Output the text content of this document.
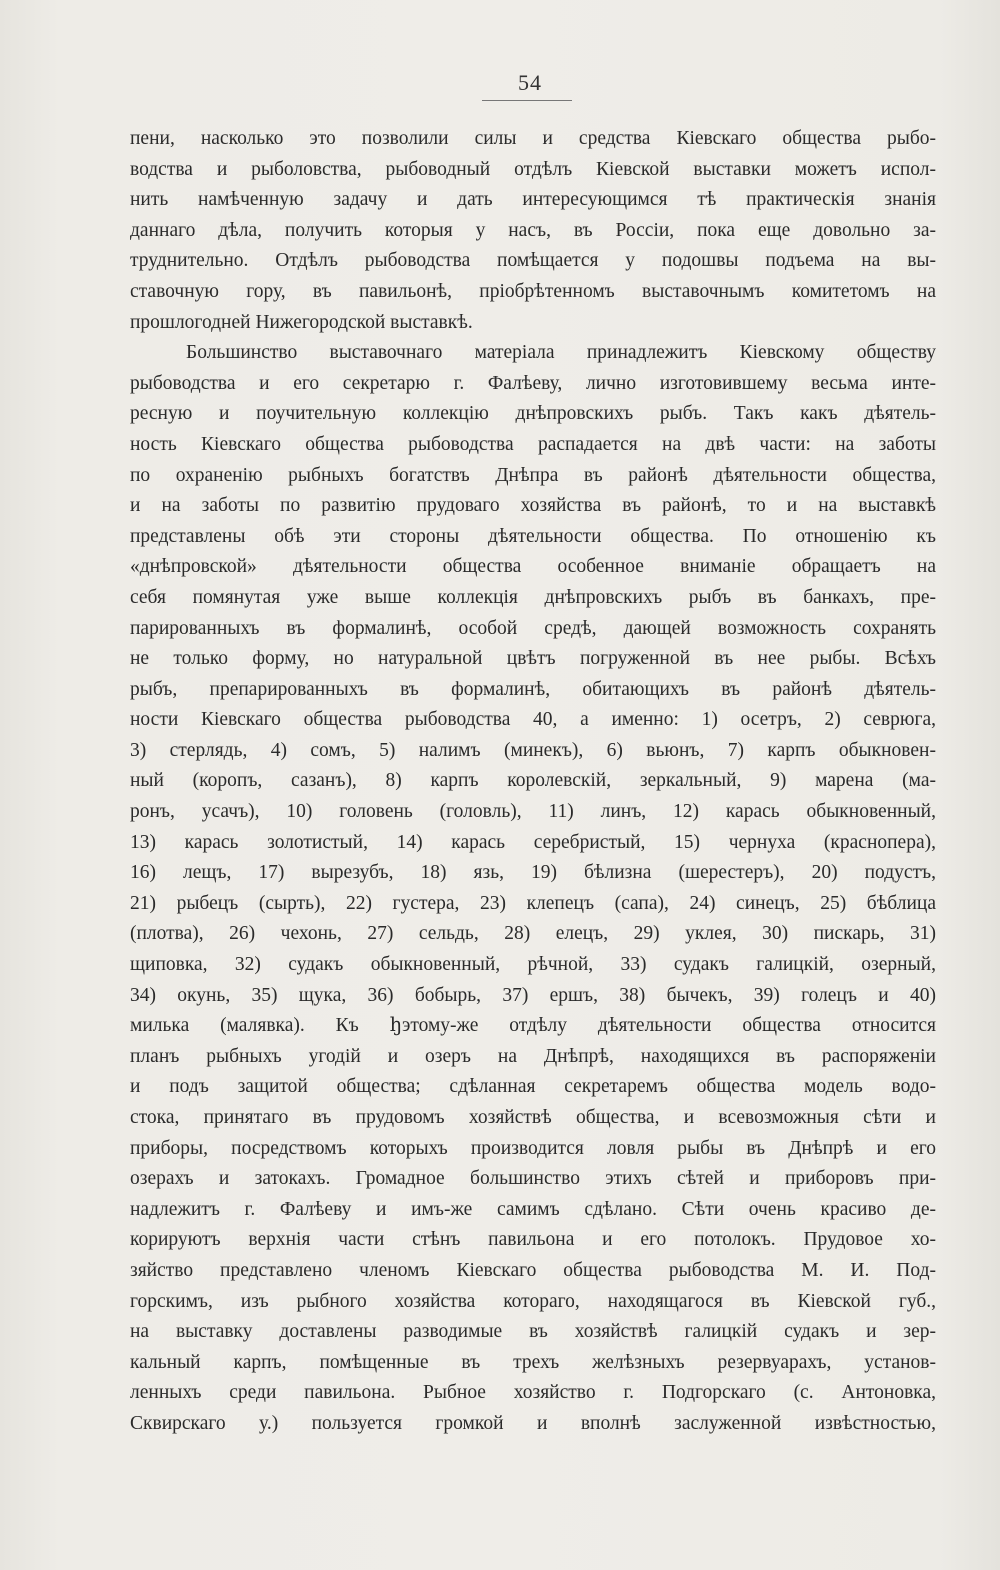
54
пени, насколько это позволили силы и средства Кіевскаго общества рыбо-
водства и рыболовства, рыбоводный отдѣлъ Кіевской выставки можетъ испол-
нить намѣченную задачу и дать интересующимся тѣ практическія знанія
даннаго дѣла, получить которыя у насъ, въ Россіи, пока еще довольно за-
труднительно. Отдѣлъ рыбоводства помѣщается у подошвы подъема на вы-
ставочную гору, въ павильонѣ, пріобрѣтенномъ выставочнымъ комитетомъ на
прошлогодней Нижегородской выставкѣ.
Большинство выставочнаго матеріала принадлежитъ Кіевскому обществу
рыбоводства и его секретарю г. Фалѣеву, лично изготовившему весьма инте-
ресную и поучительную коллекцію днѣпровскихъ рыбъ. Такъ какъ дѣятель-
ность Кіевскаго общества рыбоводства распадается на двѣ части: на заботы
по охраненію рыбныхъ богатствъ Днѣпра въ районѣ дѣятельности общества,
и на заботы по развитію прудоваго хозяйства въ районѣ, то и на выставкѣ
представлены обѣ эти стороны дѣятельности общества. По отношенію къ
«днѣпровской» дѣятельности общества особенное вниманіе обращаетъ на
себя помянутая уже выше коллекція днѣпровскихъ рыбъ въ банкахъ, пре-
парированныхъ въ формалинѣ, особой средѣ, дающей возможность сохранять
не только форму, но натуральной цвѣтъ погруженной въ нее рыбы. Всѣхъ
рыбъ, препарированныхъ въ формалинѣ, обитающихъ въ районѣ дѣятель-
ности Кіевскаго общества рыбоводства 40, а именно: 1) осетръ, 2) севрюга,
3) стерлядь, 4) сомъ, 5) налимъ (минекъ), 6) вьюнъ, 7) карпъ обыкновен-
ный (коропъ, сазанъ), 8) карпъ королевскій, зеркальный, 9) марена (ма-
ронъ, усачъ), 10) головень (головль), 11) линъ, 12) карась обыкновенный,
13) карась золотистый, 14) карась серебристый, 15) чернуха (кpаснопера),
16) лещъ, 17) вырезубъ, 18) язь, 19) бѣлизна (шерестеръ), 20) подустъ,
21) рыбецъ (сырть), 22) густера, 23) клепецъ (сапа), 24) синецъ, 25) бѣблица
(плотва), 26) чехонь, 27) сельдь, 28) елецъ, 29) уклея, 30) пискарь, 31)
щиповка, 32) судакъ обыкновенный, рѣчной, 33) судакъ галицкій, озерный,
34) окунь, 35) щука, 36) бобырь, 37) ершъ, 38) бычекъ, 39) голецъ и 40)
милька (малявка). Къ ꜧэтому-же отдѣлу дѣятельности общества относится
планъ рыбныхъ угодій и озеръ на Днѣпрѣ, находящихся въ распоряженіи
и подъ защитой общества; сдѣланная секретаремъ общества модель водо-
стока, принятаго въ прудовомъ хозяйствѣ общества, и всевозможныя сѣти и
приборы, посредствомъ которыхъ производится ловля рыбы въ Днѣпрѣ и его
озерахъ и затокахъ. Громадное большинство этихъ сѣтей и приборовъ при-
надлежитъ г. Фалѣеву и имъ-же самимъ сдѣлано. Сѣти очень красиво де-
корируютъ верхнія части стѣнъ павильона и его потолокъ. Прудовое хо-
зяйство представлено членомъ Кіевскаго общества рыбоводства М. И. Под-
горскимъ, изъ рыбного хозяйства котораго, находящагося въ Кіевской губ.,
на выставку доставлены разводимые въ хозяйствѣ галицкій судакъ и зер-
кальный карпъ, помѣщенные въ трехъ желѣзныхъ резервуарахъ, установ-
ленныхъ среди павильона. Рыбное хозяйство г. Подгорскаго (с. Антоновка,
Сквирскаго у.) пользуется громкой и вполнѣ заслуженной извѣстностью,
